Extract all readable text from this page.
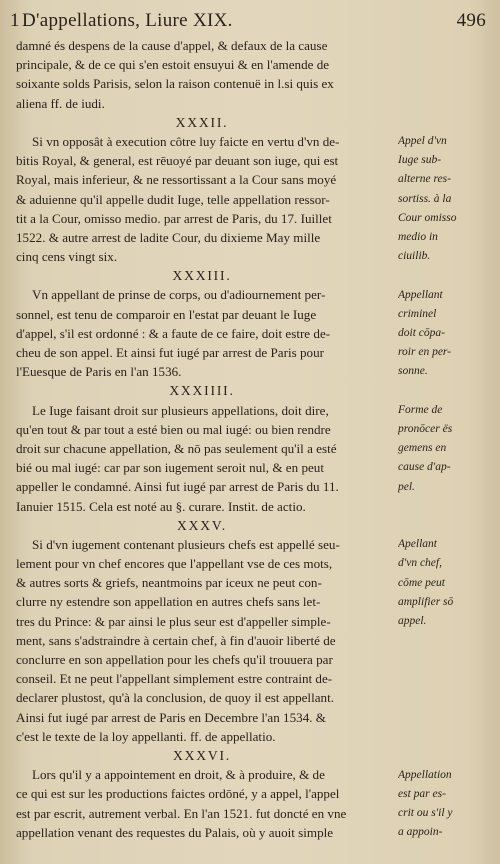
1 D'appellations, Liure XIX.	496
damné és despens de la cause d'appel, & defaux de la cause
principale, & de ce qui s'en estoit ensuyui & en l'amende de
soixante solds Parisis, selon la raison contenuë in l.si quis ex
aliena ff. de iudi.
XXXII.
Si vn opposât à execution côtre luy faicte en vertu d'vn de-
bitis Royal, & general, est rēuoyé par deuant son iuge, qui est
Royal, mais inferieur, & ne ressortissant a la Cour sans moyé
& aduienne qu'il appelle dudit Iuge, telle appellation ressor-
tit a la Cour, omisso medio. par arrest de Paris, du 17. Iuillet
1522. & autre arrest de ladite Cour, du dixieme May mille
cinq cens vingt six.
XXXIII.
Vn appellant de prinse de corps, ou d'adiournement per-
sonnel, est tenu de comparoir en l'estat par deuant le Iuge
d'appel, s'il est ordonné : & a faute de ce faire, doit estre de-
cheu de son appel. Et ainsi fut iugé par arrest de Paris pour
l'Euesque de Paris en l'an 1536.
XXXIIII.
Le Iuge faisant droit sur plusieurs appellations, doit dire,
qu'en tout & par tout a esté bien ou mal iugé: ou bien rendre
droit sur chacune appellation, & nō pas seulement qu'il a esté
bié ou mal iugé: car par son iugement seroit nul, & en peut
appeller le condamné. Ainsi fut iugé par arrest de Paris du 11.
Ianuier 1515. Cela est noté au §. curare. Instit. de actio.
XXXV.
Si d'vn iugement contenant plusieurs chefs est appellé seu-
lement pour vn chef encores que l'appellant vse de ces mots,
& autres sorts & griefs, neantmoins par iceux ne peut con-
clurre ny estendre son appellation en autres chefs sans let-
tres du Prince: & par ainsi le plus seur est d'appeller simple-
ment, sans s'adstraindre à certain chef, à fin d'auoir liberté de
conclurre en son appellation pour les chefs qu'il trouuera par
conseil. Et ne peut l'appellant simplement estre contraint de-
declarer plustost, qu'à la conclusion, de quoy il est appellant.
Ainsi fut iugé par arrest de Paris en Decembre l'an 1534. &
c'est le texte de la loy appellanti. ff. de appellatio.
XXXVI.
Lors qu'il y a appointement en droit, & à produire, & de
ce qui est sur les productions faictes ordōné, y a appel, l'appel
est par escrit, autrement verbal. En l'an 1521. fut doncté en vne
appellation venant des requestes du Palais, où y auoit simple
Appel d'vn
Iuge sub-
alterne res-
sortiss. à la
Cour omisso
medio in
ciuilib.
Appellant
criminel
doit cōpa-
roir en per-
sonne.
Forme de
pronōcer ës
gemens en
cause d'ap-
pel.
Apellant
d'vn chef,
cōme peut
amplifier sō
appel.
Appellation
est par es-
crit ou s'il y
a appoin-
